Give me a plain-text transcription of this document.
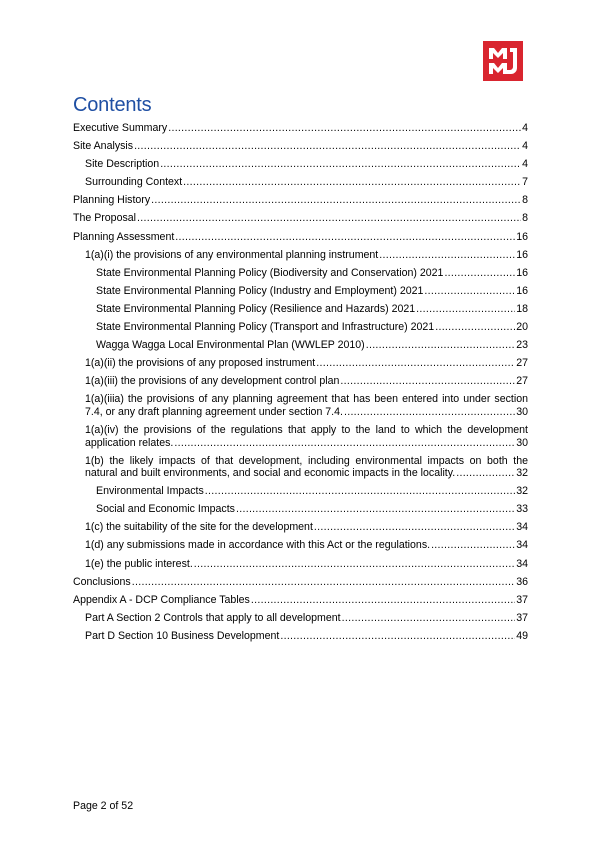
Contents
Executive Summary .....	4
Site Analysis .....	4
Site Description .....	4
Surrounding Context .....	7
Planning History .....	8
The Proposal .....	8
Planning Assessment .....	16
1(a)(i) the provisions of any environmental planning instrument .....	16
State Environmental Planning Policy (Biodiversity and Conservation) 2021 .....	16
State Environmental Planning Policy (Industry and Employment) 2021 .....	16
State Environmental Planning Policy (Resilience and Hazards) 2021 .....	18
State Environmental Planning Policy (Transport and Infrastructure) 2021 .....	20
Wagga Wagga Local Environmental Plan (WWLEP 2010) .....	23
1(a)(ii) the provisions of any proposed instrument .....	27
1(a)(iii) the provisions of any development control plan .....	27
1(a)(iiia) the provisions of any planning agreement that has been entered into under section
7.4, or any draft planning agreement under section 7.4. .....	30
1(a)(iv) the provisions of the regulations that apply to the land to which the development
application relates. .....	30
1(b) the likely impacts of that development, including environmental impacts on both the
natural and built environments, and social and economic impacts in the locality. .....	32
Environmental Impacts .....	32
Social and Economic Impacts .....	33
1(c) the suitability of the site for the development .....	34
1(d) any submissions made in accordance with this Act or the regulations. .....	34
1(e) the public interest. .....	34
Conclusions .....	36
Appendix A - DCP Compliance Tables .....	37
Part A Section 2 Controls that apply to all development .....	37
Part D Section 10 Business Development .....	49
Page 2 of 52
